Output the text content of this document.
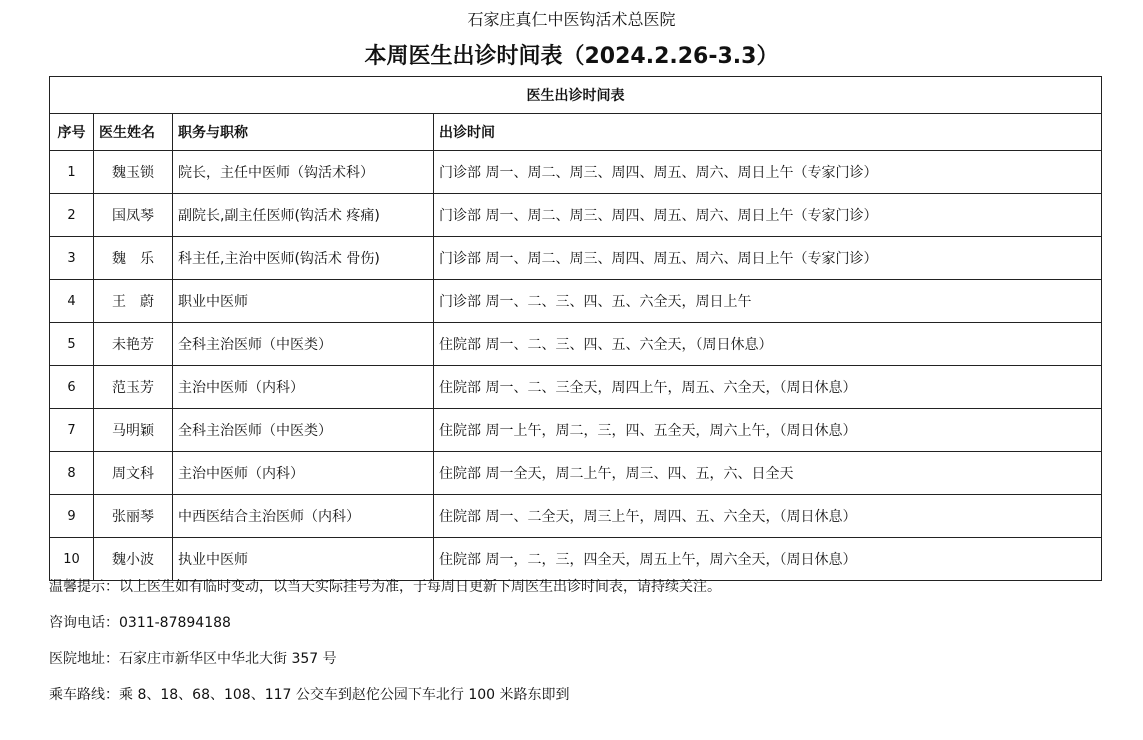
石家庄真仁中医钩活术总医院
本周医生出诊时间表（2024.2.26-3.3）
医生出诊时间表			
序号	医生姓名	职务与职称	出诊时间
1	魏玉锁	院长，主任中医师（钩活术科）	门诊部 周一、周二、周三、周四、周五、周六、周日上午（专家门诊）
2	国凤琴	副院长,副主任医师(钩活术 疼痛)	门诊部 周一、周二、周三、周四、周五、周六、周日上午（专家门诊）
3	魏　乐	科主任,主治中医师(钩活术 骨伤)	门诊部 周一、周二、周三、周四、周五、周六、周日上午（专家门诊）
4	王　蔚	职业中医师	门诊部 周一、二、三、四、五、六全天，周日上午
5	未艳芳	全科主治医师（中医类）	住院部 周一、二、三、四、五、六全天，（周日休息）
6	范玉芳	主治中医师（内科）	住院部 周一、二、三全天，周四上午，周五、六全天，（周日休息）
7	马明颖	全科主治医师（中医类）	住院部 周一上午，周二，三，四、五全天，周六上午，（周日休息）
8	周文科	主治中医师（内科）	住院部 周一全天，周二上午，周三、四、五，六、日全天
9	张丽琴	中西医结合主治医师（内科）	住院部 周一、二全天，周三上午，周四、五、六全天，（周日休息）
10	魏小波	执业中医师	住院部 周一，二，三，四全天，周五上午，周六全天，（周日休息）
温馨提示：以上医生如有临时变动，以当天实际挂号为准，于每周日更新下周医生出诊时间表，请持续关注。
咨询电话：0311-87894188
医院地址：石家庄市新华区中华北大街 357 号
乘车路线：乘 8、18、68、108、117 公交车到赵佗公园下车北行 100 米路东即到
